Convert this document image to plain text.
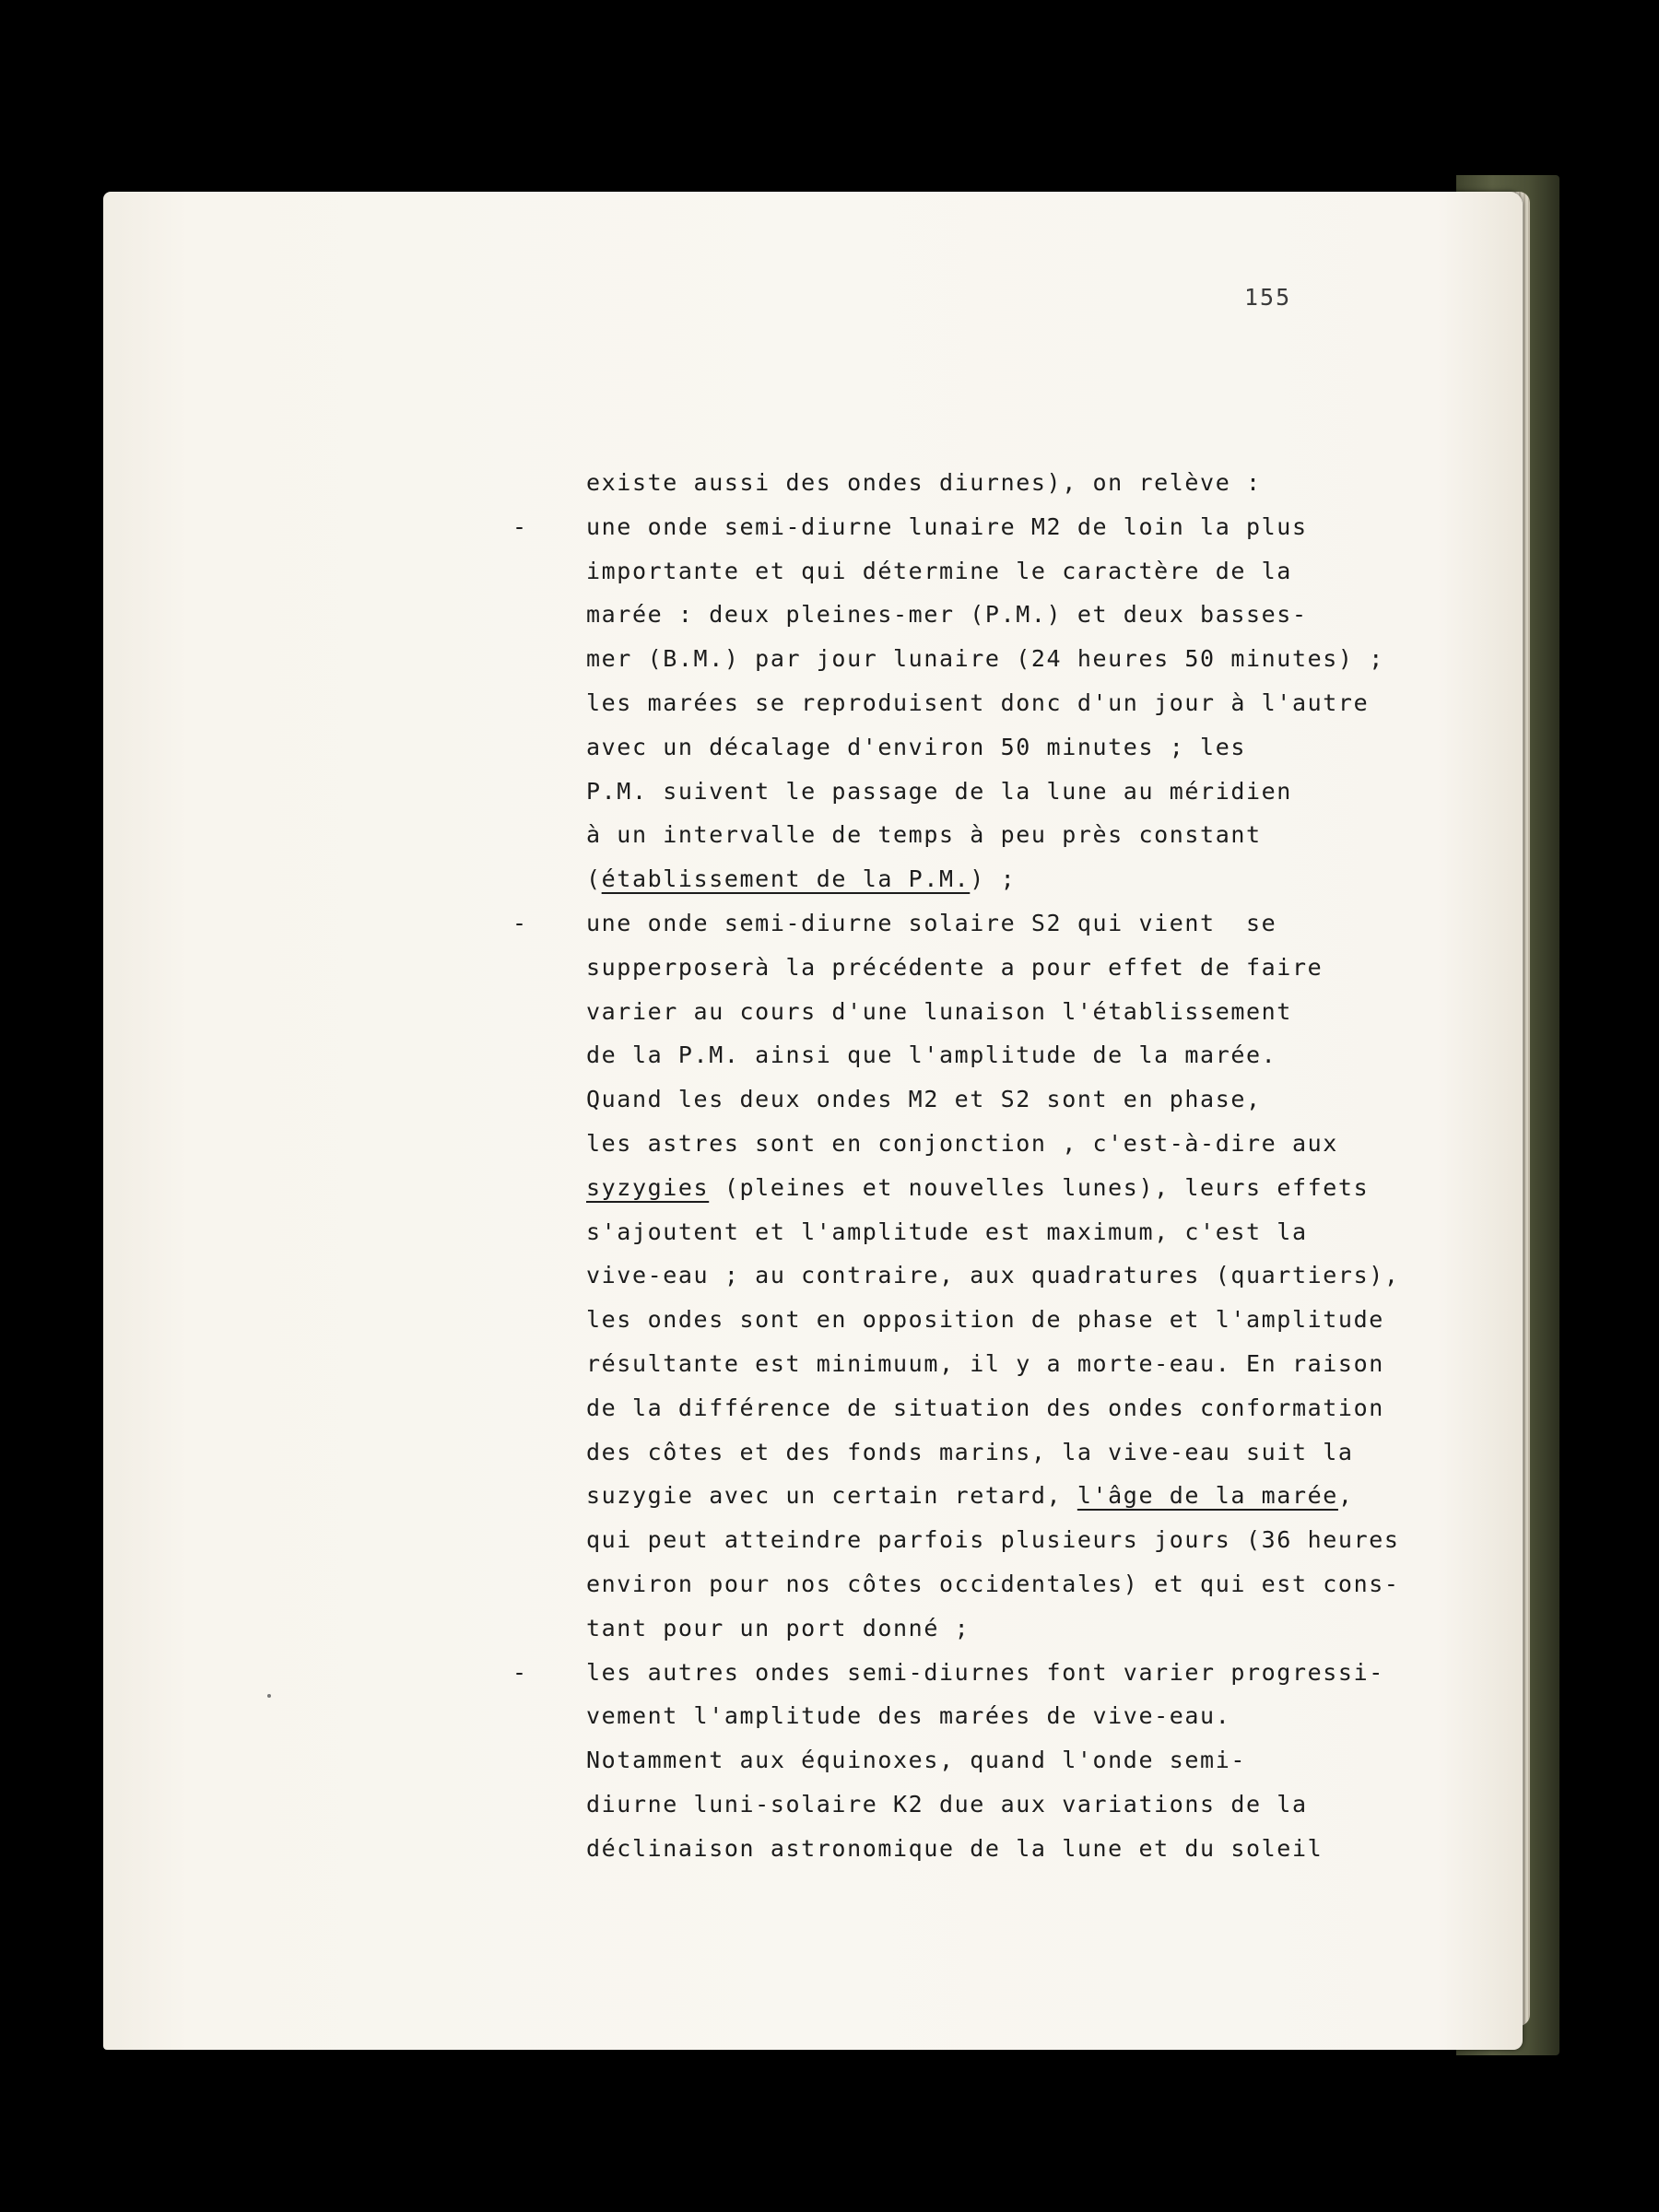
155
existe aussi des ondes diurnes), on relève :
-	une onde semi-diurne lunaire M2 de loin la plus
importante et qui détermine le caractère de la
marée : deux pleines-mer (P.M.) et deux basses-
mer (B.M.) par jour lunaire (24 heures 50 minutes) ;
les marées se reproduisent donc d'un jour à l'autre
avec un décalage d'environ 50 minutes ; les
P.M. suivent le passage de la lune au méridien
à un intervalle de temps à peu près constant
(établissement de la P.M.) ;
-	une onde semi-diurne solaire S2 qui vient  se
supperposerà la précédente a pour effet de faire
varier au cours d'une lunaison l'établissement
de la P.M. ainsi que l'amplitude de la marée.
Quand les deux ondes M2 et S2 sont en phase,
les astres sont en conjonction , c'est-à-dire aux
syzygies (pleines et nouvelles lunes), leurs effets
s'ajoutent et l'amplitude est maximum, c'est la
vive-eau ; au contraire, aux quadratures (quartiers),
les ondes sont en opposition de phase et l'amplitude
résultante est minimuum, il y a morte-eau. En raison
de la différence de situation des ondes conformation
des côtes et des fonds marins, la vive-eau suit la
suzygie avec un certain retard, l'âge de la marée,
qui peut atteindre parfois plusieurs jours (36 heures
environ pour nos côtes occidentales) et qui est cons-
tant pour un port donné ;
-	les autres ondes semi-diurnes font varier progressi-
vement l'amplitude des marées de vive-eau.
Notamment aux équinoxes, quand l'onde semi-
diurne luni-solaire K2 due aux variations de la
déclinaison astronomique de la lune et du soleil
